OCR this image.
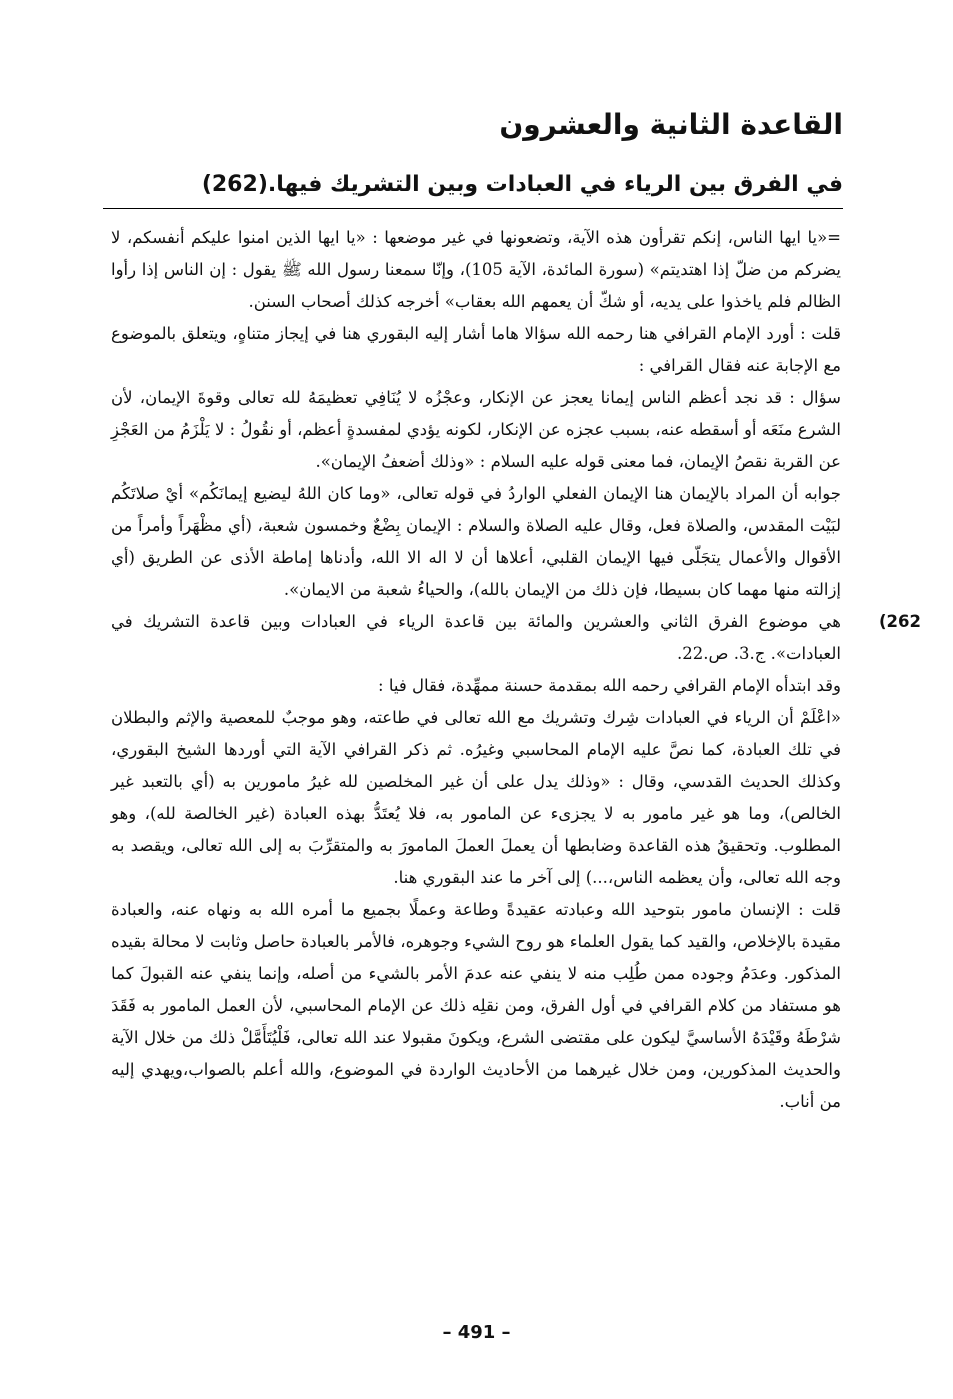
القاعدة الثانية والعشرون
في الفرق بين الرياء في العبادات وبين التشريك فيها.(262)

=«يا ايها الناس، إنكم تقرأون هذه الآية، وتضعونها في غير موضعها : «يا ايها الذين امنوا عليكم أنفسكم، لا يضركم من ضلّ إذا اهتديتم» (سورة المائدة، الآية 105)، وإنّا سمعنا رسول الله ﷺ يقول : إن الناس إذا رأوا الظالم فلم ياخذوا على يديه، أو شكّ أن يعمهم الله بعقاب» أخرجه كذلك أصحاب السنن.

قلت : أورد الإمام القرافي هنا رحمه الله سؤالا هاما أشار إليه البقوري هنا في إيجاز متناهٍ، ويتعلق بالموضوع مع الإجابة عنه فقال القرافي :

سؤال : قد نجد أعظم الناس إيمانا يعجز عن الإنكار، وعجْزُه لا يُنَافِي تعظيمَهُ لله تعالى وقوةَ الإيمان، لأن الشرع منَعَه أو أسقطه عنه، بسبب عجزه عن الإنكار، لكونه يؤدي لمفسدةٍ أعظم، أو نقُولُ : لا يَلْزَمُ من العَجْزِ عن القربة نقصُ الإيمان، فما معنى قوله عليه السلام : «وذلك أضعفُ الإيمان».

جوابه أن المراد بالإيمان هنا الإيمان الفعلي الواردُ في قوله تعالى، «وما كان اللهُ ليضيع إيمانَكُم» أيْ صلاتَكُم لبَيْت المقدس، والصلاة فعل، وقال عليه الصلاة والسلام : الإيمان بِضْعٌ وخمسون شعبة، (أي مظْهَراً وأمراً من الأقوال والأعمال يتجَلّى فيها الإيمان القلبي، أعلاها أن لا اله الا الله، وأدناها إماطة الأذى عن الطريق (أي إزالته منها مهما كان بسيطا، فإن ذلك من الإيمان بالله)، والحياءُ شعبة من الايمان».

(262

هي موضوع الفرق الثاني والعشرين والمائة بين قاعدة الرياء في العبادات وبين قاعدة التشريك في العبادات». ج.3. ص.22.

وقد ابتدأه الإمام القرافي رحمه الله بمقدمة حسنة ممهِّدة، فقال فيا :

«اعْلَمْ أن الرياء في العبادات شِرك وتشريك مع الله تعالى في طاعته، وهو موجبٌ للمعصية والإثم والبطلان في تلك العبادة، كما نصَّ عليه الإمام المحاسبي وغيرُه. ثم ذكر القرافي الآية التي أوردها الشيخ البقوري، وكذلك الحديث القدسي، وقال : «وذلك يدل على أن غير المخلصين لله غيرُ مامورين به (أي بالتعبد غير الخالص)، وما هو غير مامور به لا يجزىء عن المامور به، فلا يُعتَدُّ بهذه العبادة (غير الخالصة لله)، وهو المطلوب. وتحقيقُ هذه القاعدة وضابطها أن يعملَ العملَ المامورَ به والمتقرِّبَ به إلى الله تعالى، ويقصد به وجه الله تعالى، وأن يعظمه الناس،...) إلى آخر ما عند البقوري هنا.

قلت : الإنسان مامور بتوحيد الله وعبادته عقيدةً وطاعة وعملًا بجميع ما أمره الله به ونهاه عنه، والعبادة مقيدة بالإخلاص، والقيد كما يقول العلماء هو روح الشيء وجوهره، فالأمر بالعبادة حاصل وثابت لا محالة بقيده المذكور. وعدَمُ وجوده ممن طُلِب منه لا ينفي عنه عدمَ الأمر بالشيء من أصله، وإنما ينفي عنه القبولَ كما هو مستفاد من كلام القرافي في أول الفرق، ومن نقلِه ذلك عن الإمام المحاسبي، لأن العمل المامور به فَقَدَ شرْطَهُ وقَيْدَهُ الأساسيَّ ليكون على مقتضى الشرع، ويكونَ مقبولا عند الله تعالى، فَلْيُتَأَمَّلْ ذلك من خلال الآية والحديث المذكورين، ومن خلال غيرهما من الأحاديث الواردة في الموضوع، والله أعلم بالصواب،ويهدي إليه من أناب.

– 491 –
